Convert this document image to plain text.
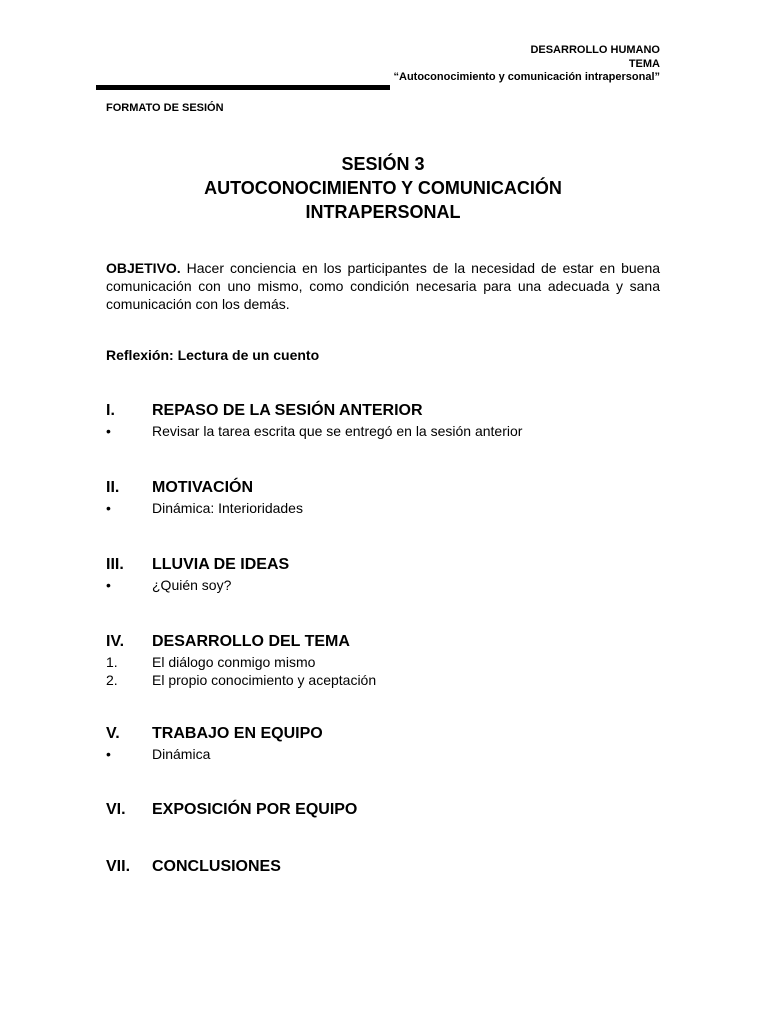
DESARROLLO HUMANO
TEMA
“Autoconocimiento y comunicación intrapersonal”
FORMATO DE SESIÓN
SESIÓN 3
AUTOCONOCIMIENTO Y COMUNICACIÓN
INTRAPERSONAL

OBJETIVO. Hacer conciencia en los participantes de la necesidad de estar en buena comunicación con uno mismo, como condición necesaria para una adecuada y sana comunicación con los demás.

Reflexión: Lectura de un cuento
I. REPASO DE LA SESIÓN ANTERIOR
•	Revisar la tarea escrita que se entregó en la sesión anterior
II. MOTIVACIÓN
•	Dinámica: Interioridades
III. LLUVIA DE IDEAS
•	¿Quién soy?
IV. DESARROLLO DEL TEMA
1. El diálogo conmigo mismo
2. El propio conocimiento y aceptación
V. TRABAJO EN EQUIPO
•	Dinámica
VI. EXPOSICIÓN POR EQUIPO
VII. CONCLUSIONES
